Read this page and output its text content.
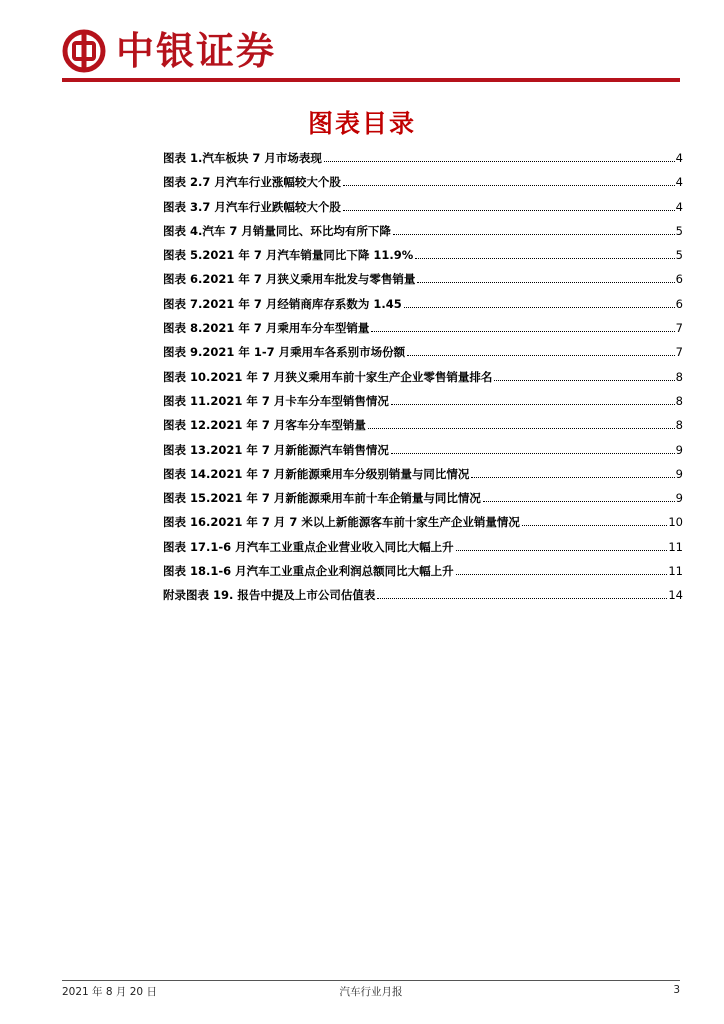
中银证券
图表目录
图表 1.汽车板块 7 月市场表现	4
图表 2.7 月汽车行业涨幅较大个股	4
图表 3.7 月汽车行业跌幅较大个股	4
图表 4.汽车 7 月销量同比、环比均有所下降	5
图表 5.2021 年 7 月汽车销量同比下降 11.9%	5
图表 6.2021 年 7 月狭义乘用车批发与零售销量	6
图表 7.2021 年 7 月经销商库存系数为 1.45	6
图表 8.2021 年 7 月乘用车分车型销量	7
图表 9.2021 年 1-7 月乘用车各系别市场份额	7
图表 10.2021 年 7 月狭义乘用车前十家生产企业零售销量排名	8
图表 11.2021 年 7 月卡车分车型销售情况	8
图表 12.2021 年 7 月客车分车型销量	8
图表 13.2021 年 7 月新能源汽车销售情况	9
图表 14.2021 年 7 月新能源乘用车分级别销量与同比情况	9
图表 15.2021 年 7 月新能源乘用车前十车企销量与同比情况	9
图表 16.2021 年 7 月 7 米以上新能源客车前十家生产企业销量情况	10
图表 17.1-6 月汽车工业重点企业营业收入同比大幅上升	11
图表 18.1-6 月汽车工业重点企业利润总额同比大幅上升	11
附录图表 19. 报告中提及上市公司估值表	14
2021 年 8 月 20 日	汽车行业月报	3
